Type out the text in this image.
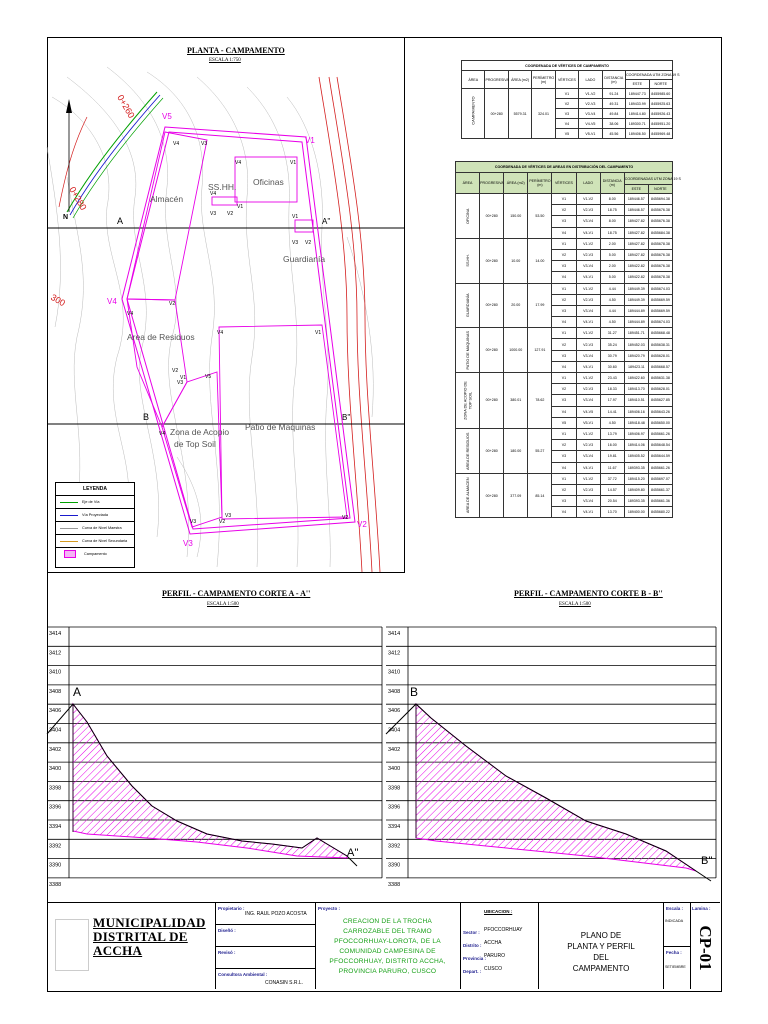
PLANTA - CAMPAMENTO
ESCALA 1:750
N
0+260
0+280
300
A	A''
B	B''
V5
V1
V4
V2
V3
V4	V3
V4	V1
V4
V3 V2
V1
V1
V3 V2
V4
V2
V4	V1
V5
V3
V4
V3	V2
V3	V2
V2
V1
Almacén
Oficinas
SS.HH.
Guardianía
Area de Residuos
Zona de Acopio
de Top Soil
Patio de Maquinas
LEYENDA
Eje de Vía
Vía Proyectada
Curva de Nivel Maestra
Curva de Nivel Secundaria
Campamento
COORDENADA DE VÉRTICES DE CAMPAMENTO								
ÁREA	PROGRESIVA	ÁREA (m2)	PERÍMETRO (m)	VÉRTICES	LADO	DISTANCIA (m)	COORDENADA UTM ZONA 19 S	
							ESTE	NORTE

CAMPAMENTO	00+280	5579.31	324.01	V1	V1-V2	91.24	189447.73	8455985.60
				V2	V2-V3	49.31	189433.99	8455925.63
				V3	V3-V4	49.84	189414.80	8455926.43
				V4	V4-V5	38.06	189300.71	8455951.20
				V5	V5-V1	45.56	189406.50	8455969.48
COORDENADA DE VÉRTICES DE AREAS EN DISTRIBUCIÓN DEL CAMPAMENTO								
ÁREA	PROGRESIVA	ÁREA (m2)	PERÍMETRO (m)	VÉRTICES	LADO	DISTANCIA (m)	COORDENADAS UTM ZONA 19 S	
							ESTE	NORTE

OFICINA	00+280	150.00	53.50	V1	V1-V2	8.00	189446.57	8455694.38
				V2	V2-V3	18.75	189446.57	8455676.38
				V3	V3-V4	8.00	189427.82	8455676.38
				V4	V4-V1	18.75	189427.82	8455684.38

SS.HH.	00+280	10.00	14.00	V1	V1-V2	2.00	189427.82	8455678.38
				V2	V2-V3	5.00	189427.82	8455676.38
				V3	V3-V4	2.00	189422.82	8455676.38
				V4	V4-V1	5.00	189422.82	8455678.38

GUARDIANÍA	00+280	20.00	17.99	V1	V1-V2	4.44	189449.39	8455674.03
				V2	V2-V3	4.50	189449.39	8455669.59
				V3	V3-V4	4.44	189444.89	8455669.59
				V4	V4-V1	4.50	189444.89	8455674.03

PATIO DE MAQUINAS	00+280	1000.00	127.91	V1	V1-V2	31.27	189451.71	8455668.48
				V2	V2-V3	35.24	189452.03	8455638.31
				V3	V3-V4	30.79	189420.79	8455628.01
				V4	V4-V1	30.60	189423.11	8455668.57

ZONA DE ACOPIO DE TOP SOIL	00+280	380.01	78.62	V1	V1-V2	23.43	189422.60	8455631.38
				V2	V2-V3	18.33	189413.70	8455628.01
				V3	V3-V4	17.97	189410.51	8455627.85
				V4	V4-V5	14.41	189406.16	8455643.26
				V5	V5-V1	4.50	189418.48	8455650.00

AREA DE RESIDUOS	00+280	180.00	55.27	V1	V1-V2	13.79	189406.97	8455661.26
				V2	V2-V3	16.00	189414.06	8455648.54
				V3	V3-V4	19.81	189405.52	8455644.59
				V4	V4-V1	11.67	189393.35	8455661.26

AREA DE ALMACEN	00+280	377.09	85.14	V1	V1-V2	37.72	189415.20	8455697.07
				V2	V2-V3	14.57	189409.80	8455661.37
				V3	V3-V4	20.54	189393.35	8455661.36
				V4	V4-V1	13.70	189400.00	8455680.22
PERFIL - CAMPAMENTO CORTE A - A''
ESCALA 1:500
3414
3412
3410
3408
3406
3404
3402
3400
3398
3396
3394
3392
3390
3388
A
A''
PERFIL - CAMPAMENTO CORTE B - B''
ESCALA 1:500
3414
3412
3410
3408
3406
3404
3402
3400
3398
3396
3394
3392
3390
3388
B
B''
MUNICIPALIDAD DISTRITAL DE ACCHA
Propietario :
ING. RAUL POZO ACOSTA
Diseñó :
Revisó :
Consultora Ambiental :
CONASIN S.R.L.
Proyecto :
CREACION DE LA TROCHA CARROZABLE DEL TRAMO PFOCCORHUAY-LOROTA, DE LA COMUNIDAD CAMPESINA DE PFOCCORHUAY, DISTRITO ACCHA, PROVINCIA PARURO, CUSCO
UBICACION :
Sector : PFOCCORHUAY
Distrito : ACCHA
Provincia :
PARURO
Depart. : CUSCO
PLANO DE PLANTA Y PERFIL DEL CAMPAMENTO
Escala :
INDICADA
Fecha :
SETIEMBRE
Lamina :
CP-01
